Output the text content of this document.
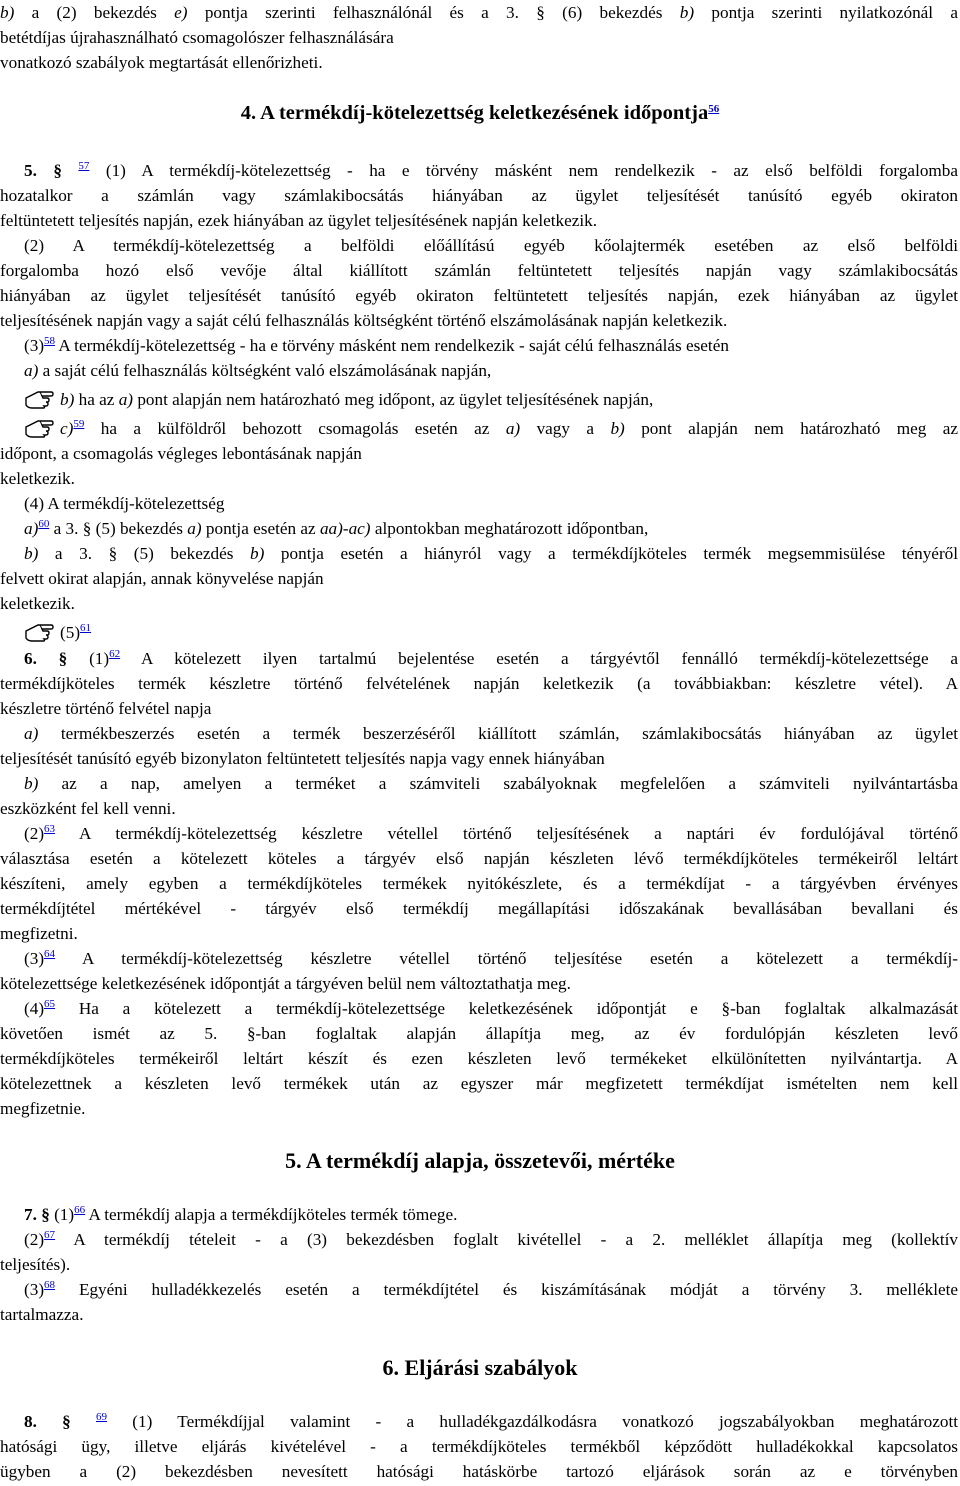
b) a (2) bekezdés e) pontja szerinti felhasználónál és a 3. § (6) bekezdés b) pontja szerinti nyilatkozónál a
betétdíjas újrahasználható csomagolószer felhasználására
vonatkozó szabályok megtartását ellenőrizheti.
4. A termékdíj-kötelezettség keletkezésének időpontja$^{56}$
5. § $^{57}$ (1) A termékdíj-kötelezettség - ha e törvény másként nem rendelkezik - az első belföldi forgalomba
hozatalkor a számlán vagy számlakibocsátás hiányában az ügylet teljesítését tanúsító egyéb okiraton
feltüntetett teljesítés napján, ezek hiányában az ügylet teljesítésének napján keletkezik.
(2) A termékdíj-kötelezettség a belföldi előállítású egyéb kőolajtermék esetében az első belföldi
forgalomba hozó első vevője által kiállított számlán feltüntetett teljesítés napján vagy számlakibocsátás
hiányában az ügylet teljesítését tanúsító egyéb okiraton feltüntetett teljesítés napján, ezek hiányában az ügylet
teljesítésének napján vagy a saját célú felhasználás költségként történő elszámolásának napján keletkezik.
$(3)^{58}$ A termékdíj-kötelezettség - ha e törvény másként nem rendelkezik - saját célú felhasználás esetén
a) a saját célú felhasználás költségként való elszámolásának napján,
b) ha az a) pont alapján nem határozható meg időpont, az ügylet teljesítésének napján,
c)$^{59}$ ha a külföldről behozott csomagolás esetén az a) vagy a b) pont alapján nem határozható meg az
időpont, a csomagolás végleges lebontásának napján
keletkezik.
(4) A termékdíj-kötelezettség
a)$^{60}$ a 3. § (5) bekezdés a) pontja esetén az aa)-ac) alpontokban meghatározott időpontban,
b) a 3. § (5) bekezdés b) pontja esetén a hiányról vagy a termékdíjköteles termék megsemmisülése tényéről
felvett okirat alapján, annak könyvelése napján
keletkezik.
$(5)^{61}$
6. § $(1)^{62}$ A kötelezett ilyen tartalmú bejelentése esetén a tárgyévtől fennálló termékdíj-kötelezettsége a
termékdíjköteles termék készletre történő felvételének napján keletkezik (a továbbiakban: készletre vétel). A
készletre történő felvétel napja
a) termékbeszerzés esetén a termék beszerzéséről kiállított számlán, számlakibocsátás hiányában az ügylet
teljesítését tanúsító egyéb bizonylaton feltüntetett teljesítés napja vagy ennek hiányában
b) az a nap, amelyen a terméket a számviteli szabályoknak megfelelően a számviteli nyilvántartásba
eszközként fel kell venni.
$(2)^{63}$ A termékdíj-kötelezettség készletre vétellel történő teljesítésének a naptári év fordulójával történő
választása esetén a kötelezett köteles a tárgyév első napján készleten lévő termékdíjköteles termékeiről leltárt
készíteni, amely egyben a termékdíjköteles termékek nyitókészlete, és a termékdíjat - a tárgyévben érvényes
termékdíjtétel mértékével - tárgyév első termékdíj megállapítási időszakának bevallásában bevallani és
megfizetni.
$(3)^{64}$ A termékdíj-kötelezettség készletre vétellel történő teljesítése esetén a kötelezett a termékdíj-
kötelezettsége keletkezésének időpontját a tárgyéven belül nem változtathatja meg.
$(4)^{65}$ Ha a kötelezett a termékdíj-kötelezettsége keletkezésének időpontját e §-ban foglaltak alkalmazását
követően ismét az 5. §-ban foglaltak alapján állapítja meg, az év fordulópján készleten levő
termékdíjköteles termékeiről leltárt készít és ezen készleten levő termékeket elkülönítetten nyilvántartja. A
kötelezettnek a készleten levő termékek után az egyszer már megfizetett termékdíjat ismételten nem kell
megfizetnie.
5. A termékdíj alapja, összetevői, mértéke
7. § $(1)^{66}$ A termékdíj alapja a termékdíjköteles termék tömege.
$(2)^{67}$ A termékdíj tételeit - a (3) bekezdésben foglalt kivétellel - a 2. melléklet állapítja meg (kollektív
teljesítés).
$(3)^{68}$ Egyéni hulladékkezelés esetén a termékdíjtétel és kiszámításának módját a törvény 3. melléklete
tartalmazza.
6. Eljárási szabályok
8. § $^{69}$ (1) Termékdíjjal valamint - a hulladékgazdálkodásra vonatkozó jogszabályokban meghatározott
hatósági ügy, illetve eljárás kivételével - a termékdíjköteles termékből képződött hulladékokkal kapcsolatos
ügyben a (2) bekezdésben nevesített hatósági hatáskörbe tartozó eljárások során az e törvényben
